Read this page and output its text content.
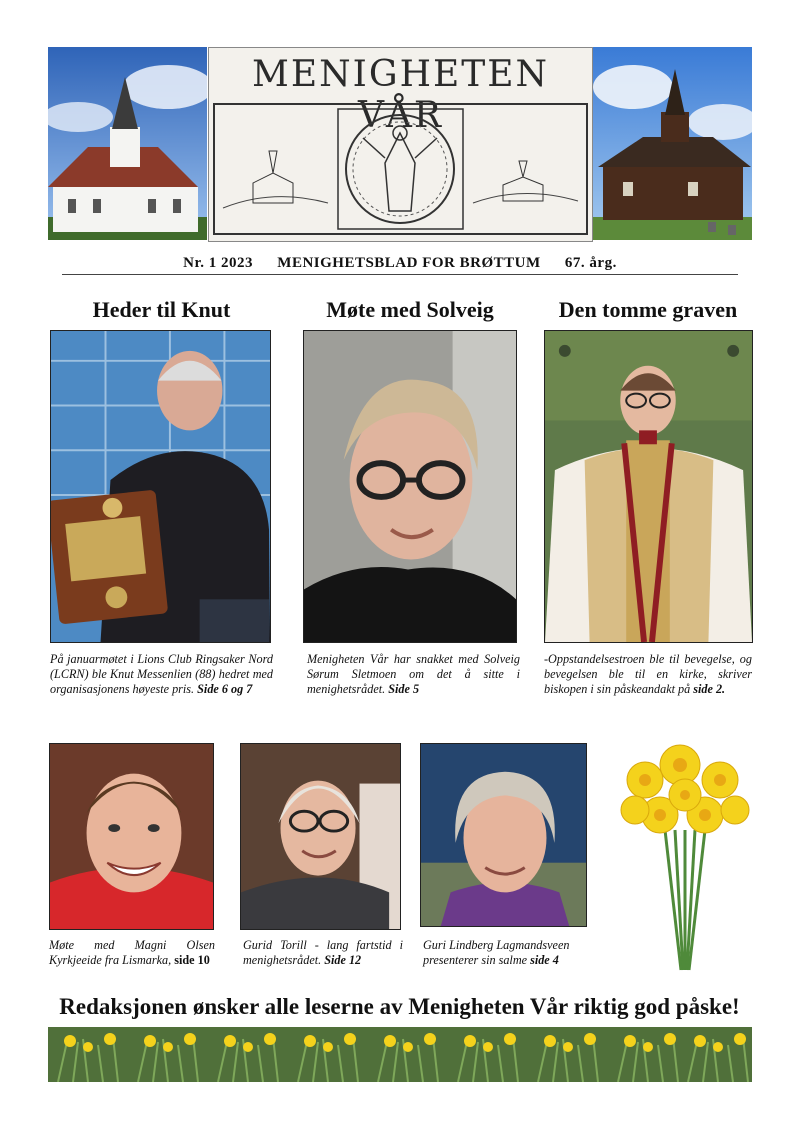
MENIGHETEN VÅR
Nr. 1 2023 MENIGHETSBLAD FOR BRØTTUM 67. årg.
Heder til Knut	Møte med Solveig	Den tomme graven
På januarmøtet i Lions Club Ringsaker Nord (LCRN) ble Knut Messenlien (88) hedret med organisasjonens høyeste pris. Side 6 og 7
Menigheten Vår har snakket med Solveig Sørum Sletmoen om det å sitte i menighetsrådet. Side 5
-Oppstandelsestroen ble til bevegelse, og bevegelsen ble til en kirke, skriver biskopen i sin påskeandakt på side 2.
Møte med Magni Olsen Kyrkjeeide fra Lismarka, side 10
Gurid Torill - lang fartstid i menighetsrådet. Side 12
Guri Lindberg Lagmandsveen presenterer sin salme side 4
Redaksjonen ønsker alle leserne av Menigheten Vår riktig god påske!
